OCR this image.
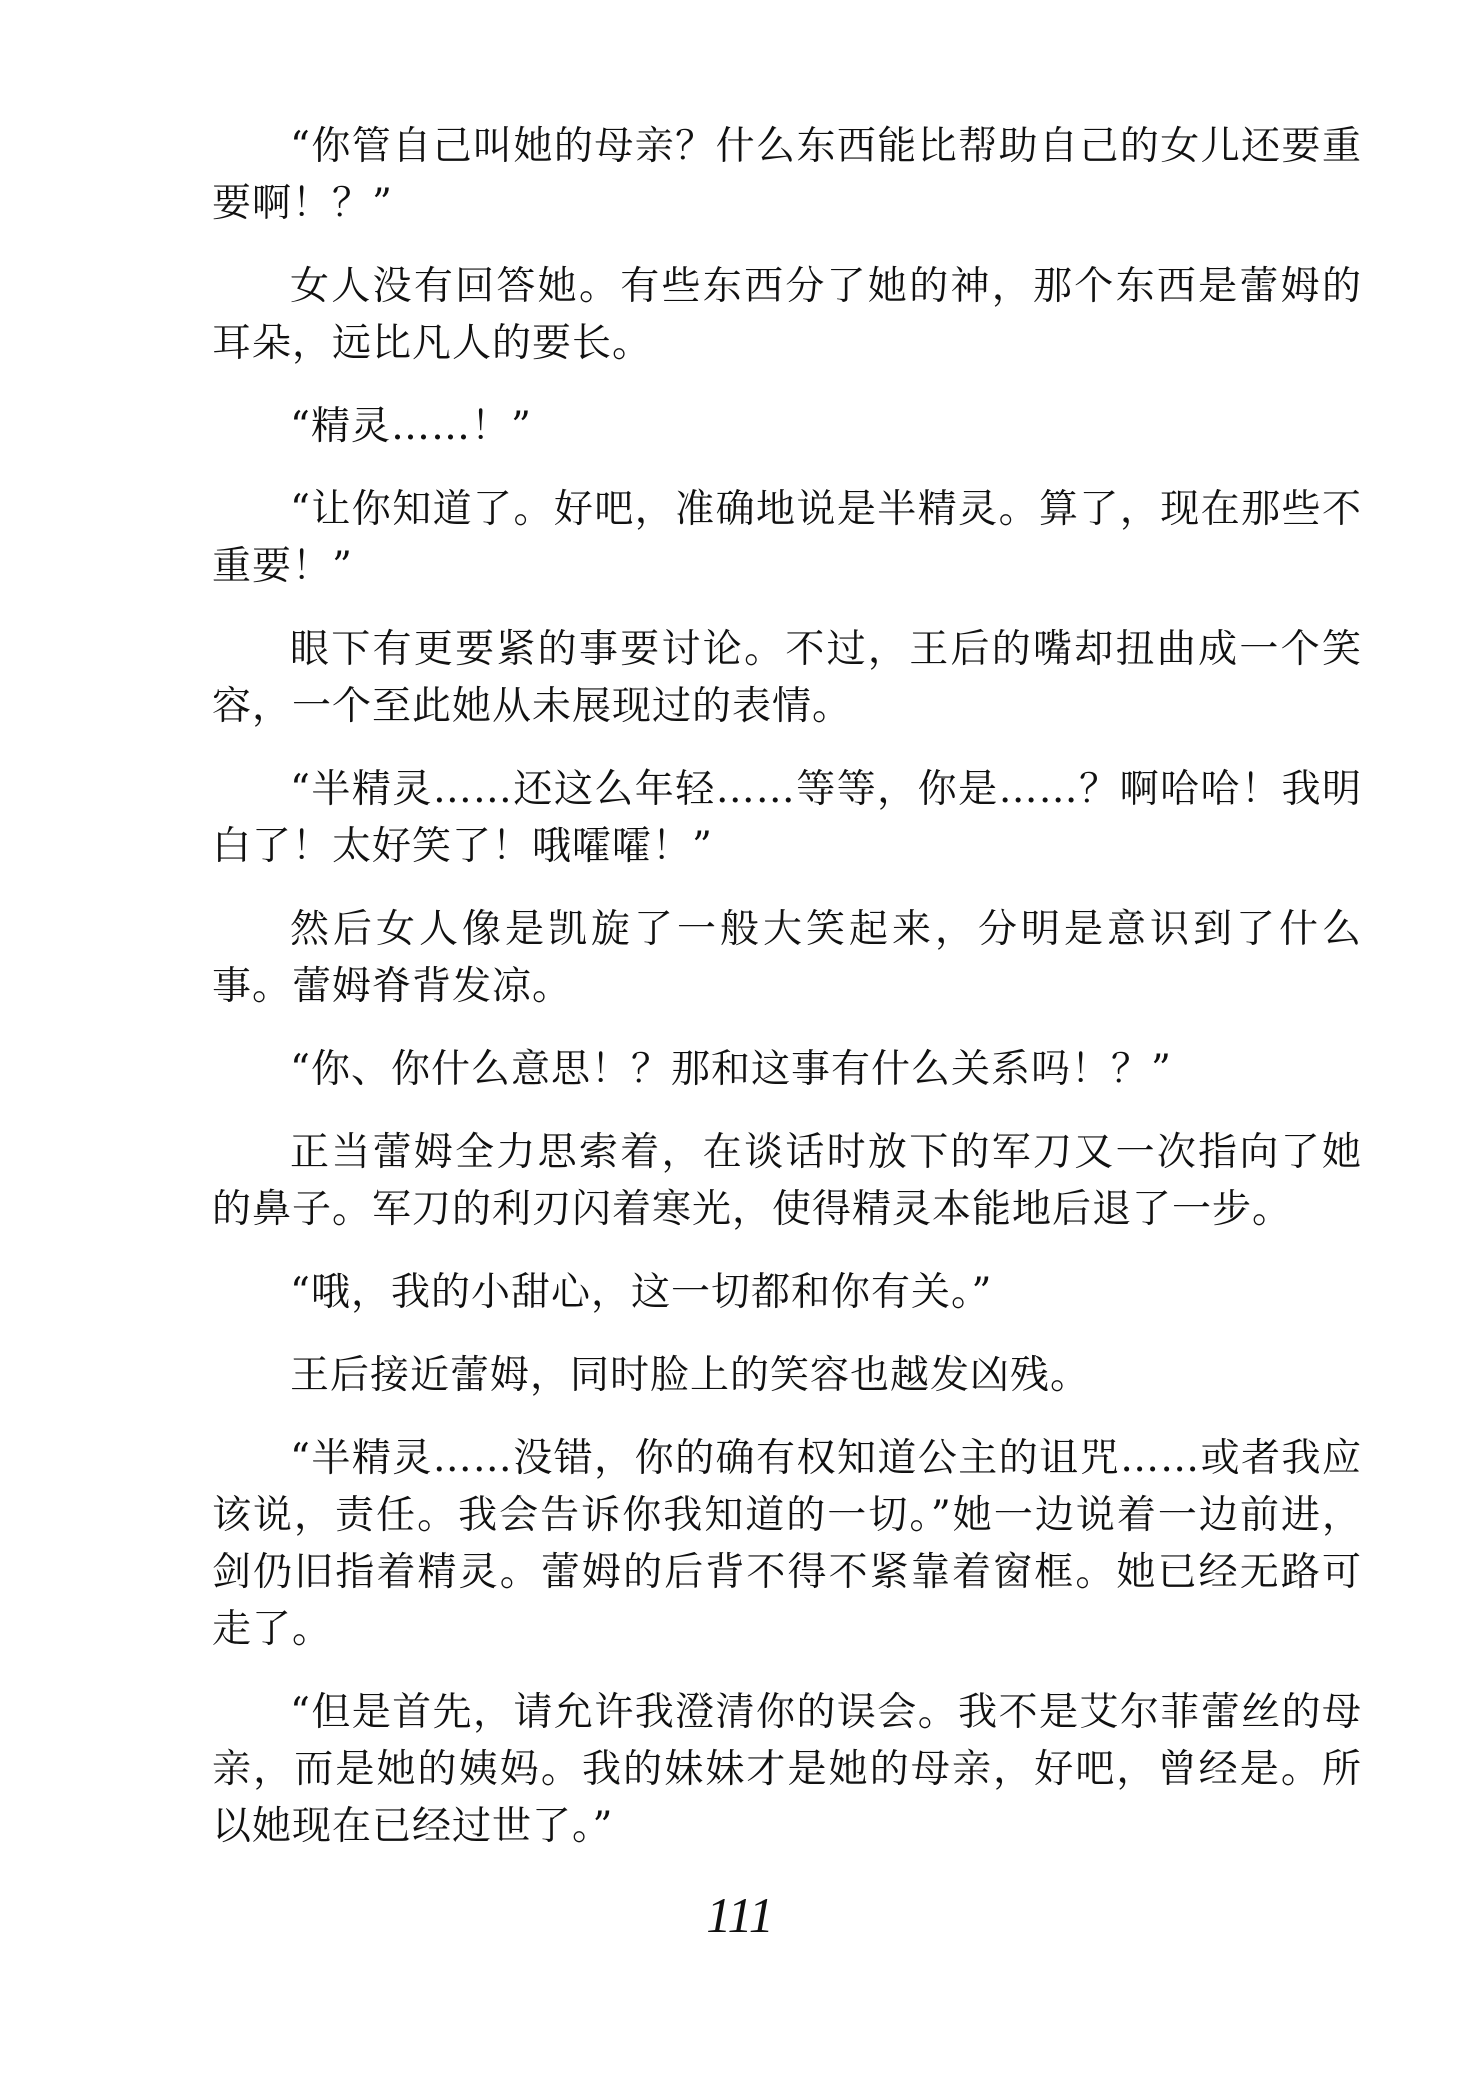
“你管自己叫她的母亲？什么东西能比帮助自己的女儿还要重要啊！？”

女人没有回答她。有些东西分了她的神，那个东西是蕾姆的耳朵，远比凡人的要长。

“精灵……！”

“让你知道了。好吧，准确地说是半精灵。算了，现在那些不重要！”

眼下有更要紧的事要讨论。不过，王后的嘴却扭曲成一个笑容，一个至此她从未展现过的表情。

“半精灵……还这么年轻……等等，你是……？啊哈哈！我明白了！太好笑了！哦嚯嚯！”

然后女人像是凯旋了一般大笑起来，分明是意识到了什么事。蕾姆脊背发凉。

“你、你什么意思！？那和这事有什么关系吗！？”

正当蕾姆全力思索着，在谈话时放下的军刀又一次指向了她的鼻子。军刀的利刃闪着寒光，使得精灵本能地后退了一步。

“哦，我的小甜心，这一切都和你有关。”

王后接近蕾姆，同时脸上的笑容也越发凶残。

“半精灵……没错，你的确有权知道公主的诅咒……或者我应该说，责任。我会告诉你我知道的一切。”她一边说着一边前进，剑仍旧指着精灵。蕾姆的后背不得不紧靠着窗框。她已经无路可走了。

“但是首先，请允许我澄清你的误会。我不是艾尔菲蕾丝的母亲，而是她的姨妈。我的妹妹才是她的母亲，好吧，曾经是。所以她现在已经过世了。”

111
